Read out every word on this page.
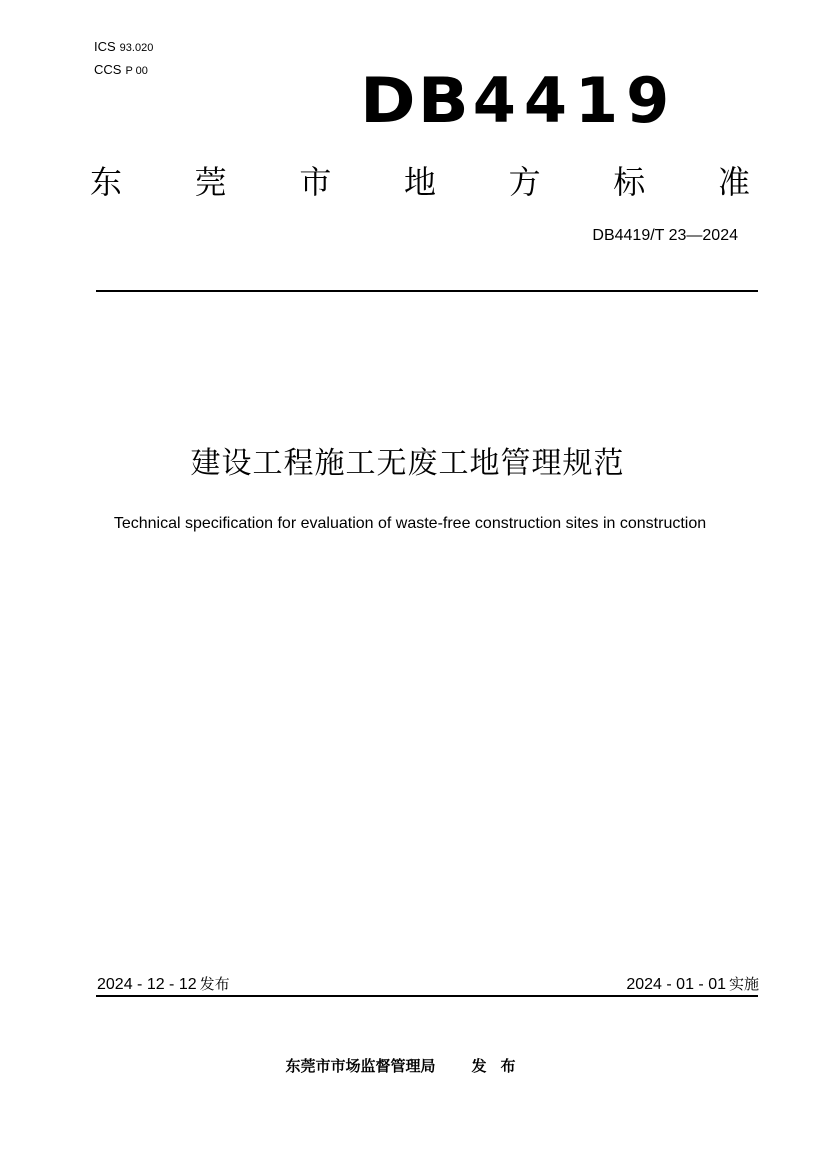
ICS 93.020
CCS P 00	DB4419
东 莞 市 地 方 标 准
DB4419/T 23—2024
建设工程施工无废工地管理规范
Technical specification for evaluation of waste-free construction sites in construction
2024 - 12 - 12 发布	2024 - 01 - 01 实施
东莞市市场监督管理局 发布
